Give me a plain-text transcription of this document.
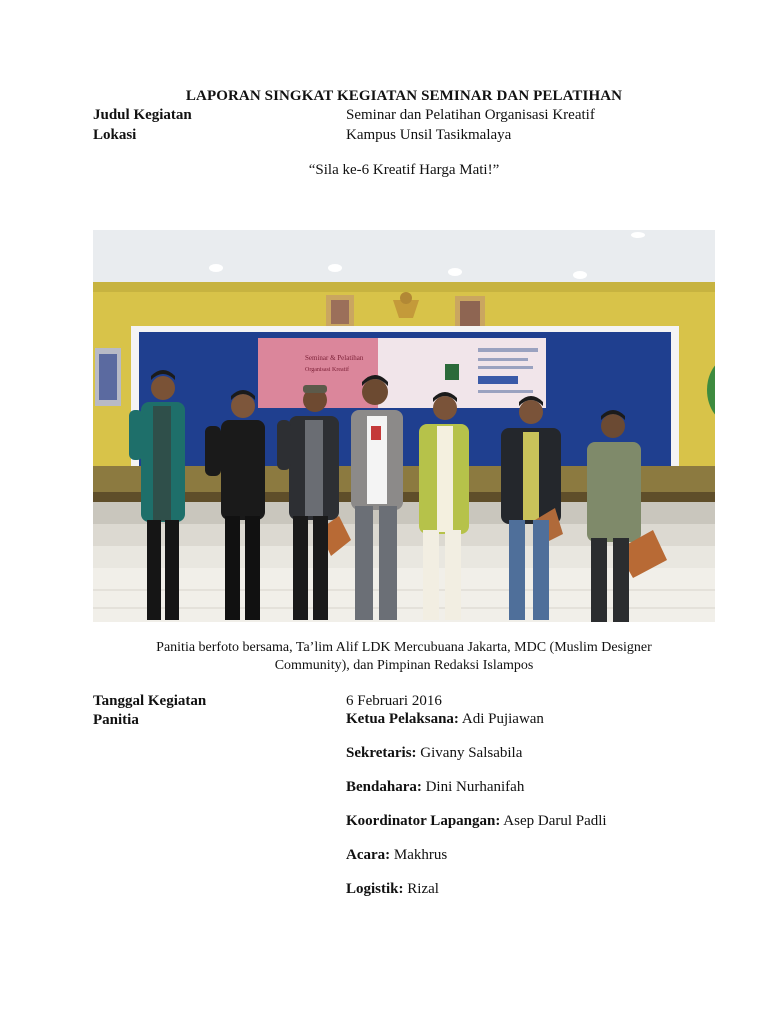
LAPORAN SINGKAT KEGIATAN SEMINAR DAN PELATIHAN
Judul Kegiatan	Seminar dan Pelatihan Organisasi Kreatif
Lokasi	Kampus Unsil Tasikmalaya
“Sila ke-6 Kreatif Harga Mati!”
Seminar & Pelatihan
Organisasi Kreatif
Panitia berfoto bersama, Ta’lim Alif LDK Mercubuana Jakarta, MDC (Muslim Designer
Community), dan Pimpinan Redaksi Islampos
Tanggal Kegiatan	6 Februari 2016
Panitia	Ketua Pelaksana: Adi Pujiawan
Sekretaris: Givany Salsabila
Bendahara: Dini Nurhanifah
Koordinator Lapangan: Asep Darul Padli
Acara: Makhrus
Logistik: Rizal
